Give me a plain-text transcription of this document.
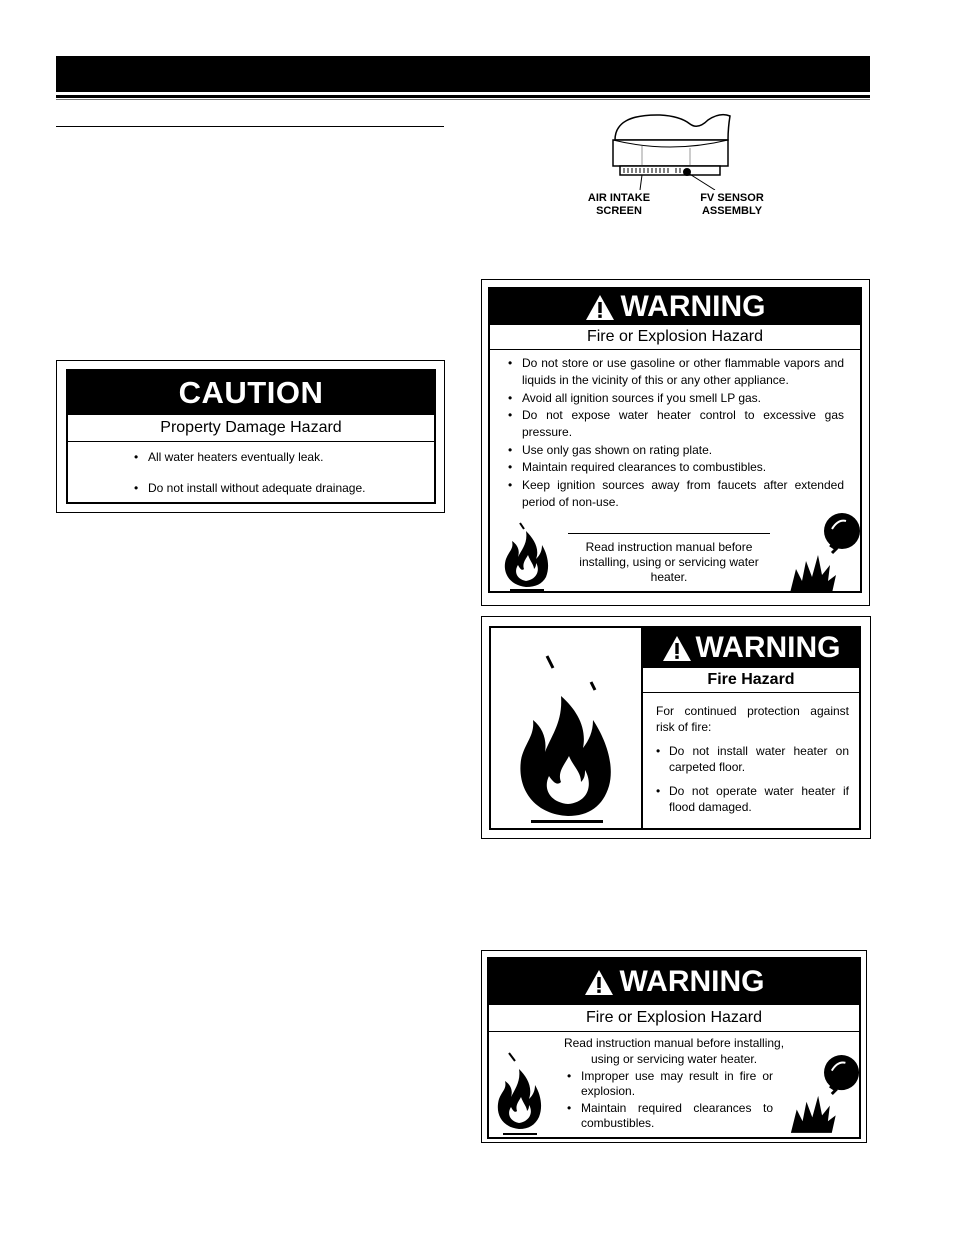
AIR INTAKE
SCREEN
FV SENSOR
ASSEMBLY
CAUTION
Property Damage Hazard
• All water heaters eventually leak.
• Do not install without adequate drainage.
WARNING
Fire or Explosion Hazard
• Do not store or use gasoline or other flammable vapors and liquids in the vicinity of this or any other appliance.
• Avoid all ignition sources if you smell LP gas.
• Do not expose water heater control to excessive gas pressure.
• Use only gas shown on rating plate.
• Maintain required clearances to combustibles.
• Keep ignition sources away from faucets after extended period of non-use.
Read instruction manual before installing, using or servicing water heater.
WARNING
Fire Hazard
For continued protection against risk of fire:
• Do not install water heater on carpeted floor.
• Do not operate water heater if flood damaged.
WARNING
Fire or Explosion Hazard
Read instruction manual before installing, using or servicing water heater.
• Improper use may result in fire or explosion.
• Maintain required clearances to combustibles.
